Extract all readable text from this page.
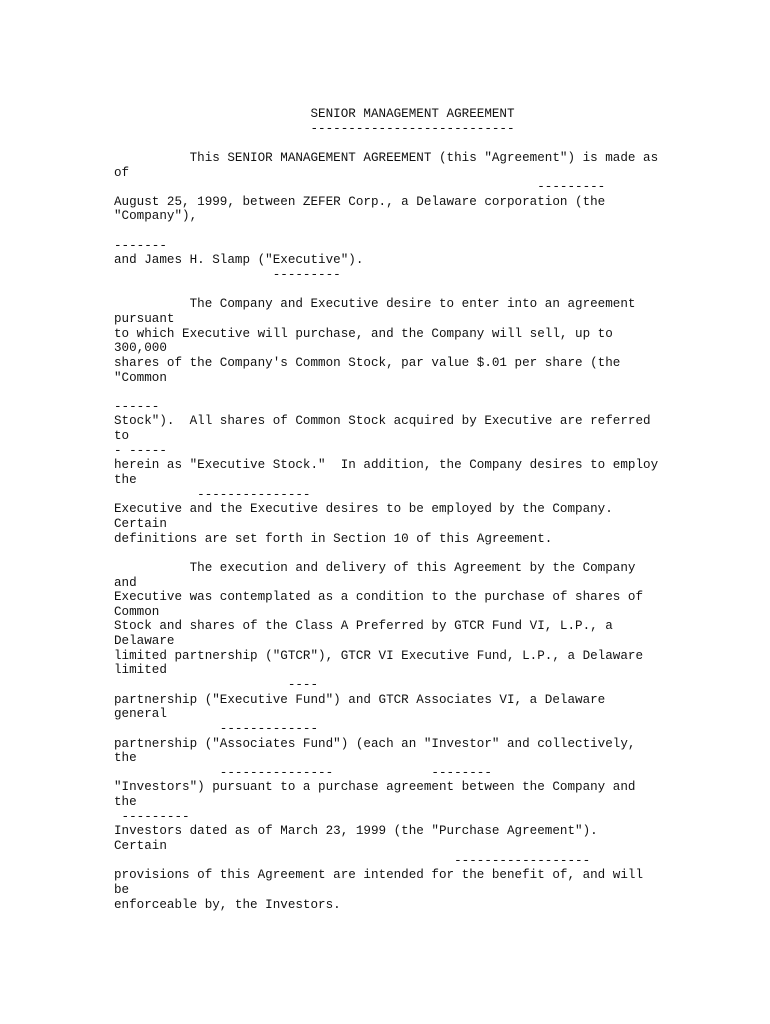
SENIOR MANAGEMENT AGREEMENT
---------------------------
This SENIOR MANAGEMENT AGREEMENT (this "Agreement") is made as
of
---------
August 25, 1999, between ZEFER Corp., a Delaware corporation (the
"Company"),
-------
and James H. Slamp ("Executive").
---------
The Company and Executive desire to enter into an agreement
pursuant
to which Executive will purchase, and the Company will sell, up to
300,000
shares of the Company's Common Stock, par value $.01 per share (the
"Common
------
Stock").  All shares of Common Stock acquired by Executive are referred
to
- -----
herein as "Executive Stock."  In addition, the Company desires to employ
the
---------------
Executive and the Executive desires to be employed by the Company.
Certain
definitions are set forth in Section 10 of this Agreement.
The execution and delivery of this Agreement by the Company
and
Executive was contemplated as a condition to the purchase of shares of
Common
Stock and shares of the Class A Preferred by GTCR Fund VI, L.P., a
Delaware
limited partnership ("GTCR"), GTCR VI Executive Fund, L.P., a Delaware
limited
----
partnership ("Executive Fund") and GTCR Associates VI, a Delaware
general
-------------
partnership ("Associates Fund") (each an "Investor" and collectively,
the
---------------             --------
"Investors") pursuant to a purchase agreement between the Company and
the
---------
Investors dated as of March 23, 1999 (the "Purchase Agreement").
Certain
------------------
provisions of this Agreement are intended for the benefit of, and will
be
enforceable by, the Investors.
